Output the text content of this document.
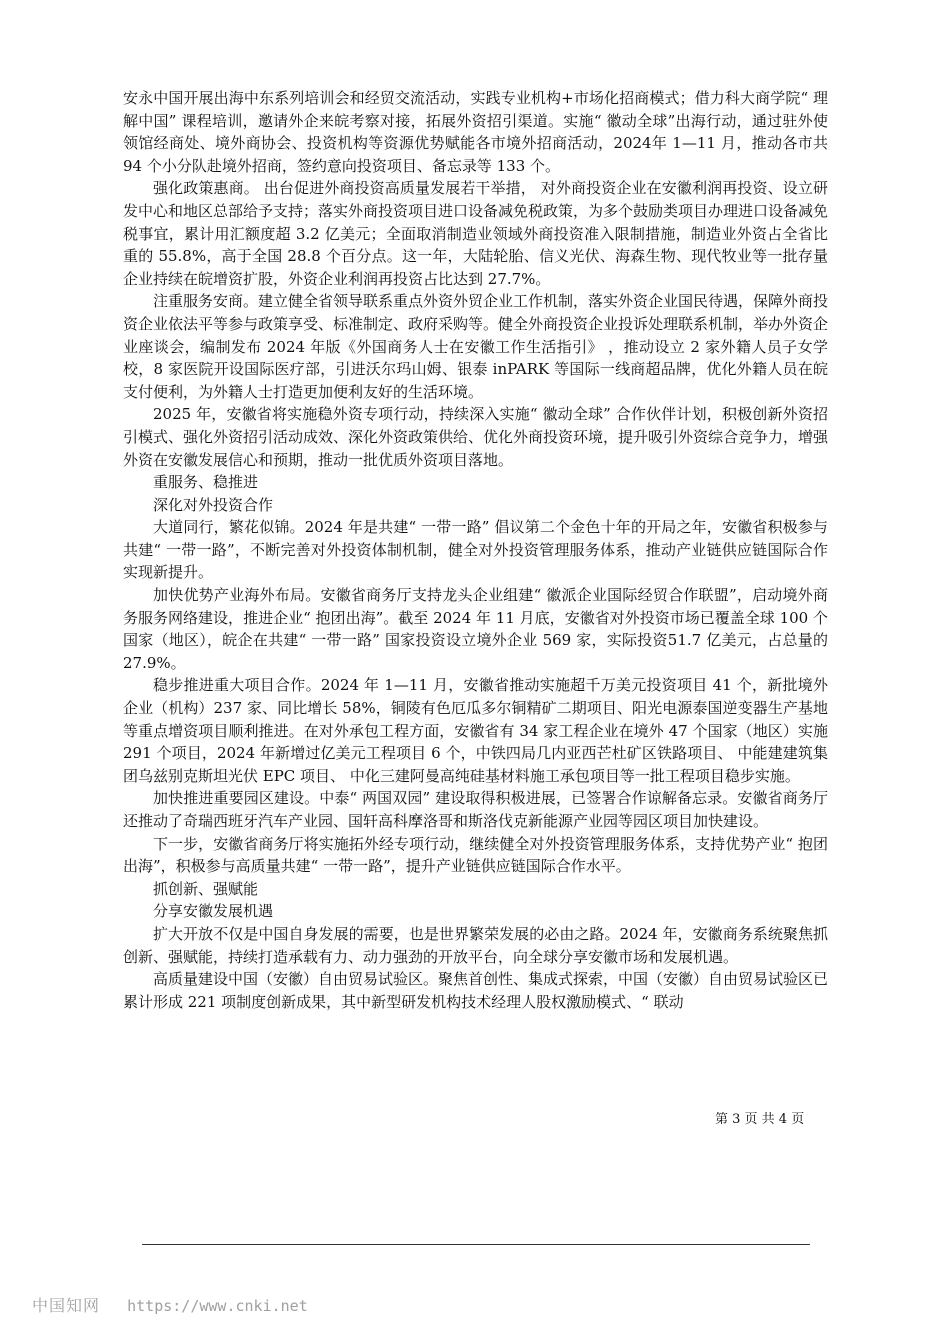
安永中国开展出海中东系列培训会和经贸交流活动，实践专业机构+市场化招商模式；借力科大商学院“ 理解中国” 课程培训，邀请外企来皖考察对接，拓展外资招引渠道。实施“ 徽动全球”出海行动，通过驻外使领馆经商处、境外商协会、投资机构等资源优势赋能各市境外招商活动，2024年 1—11 月，推动各市共 94 个小分队赴境外招商，签约意向投资项目、备忘录等 133 个。

强化政策惠商。 出台促进外商投资高质量发展若干举措， 对外商投资企业在安徽利润再投资、设立研发中心和地区总部给予支持；落实外商投资项目进口设备减免税政策，为多个鼓励类项目办理进口设备减免税事宜，累计用汇额度超 3.2 亿美元；全面取消制造业领域外商投资准入限制措施，制造业外资占全省比重的 55.8%，高于全国 28.8 个百分点。这一年，大陆轮胎、信义光伏、海森生物、现代牧业等一批存量企业持续在皖增资扩股，外资企业利润再投资占比达到 27.7%。

注重服务安商。建立健全省领导联系重点外资外贸企业工作机制，落实外资企业国民待遇，保障外商投资企业依法平等参与政策享受、标准制定、政府采购等。健全外商投资企业投诉处理联系机制，举办外资企业座谈会，编制发布 2024 年版《外国商务人士在安徽工作生活指引》 ，推动设立 2 家外籍人员子女学校，8 家医院开设国际医疗部，引进沃尔玛山姆、银泰 inPARK 等国际一线商超品牌，优化外籍人员在皖支付便利，为外籍人士打造更加便利友好的生活环境。

2025 年，安徽省将实施稳外资专项行动，持续深入实施“ 徽动全球” 合作伙伴计划，积极创新外资招引模式、强化外资招引活动成效、深化外资政策供给、优化外商投资环境，提升吸引外资综合竞争力，增强外资在安徽发展信心和预期，推动一批优质外资项目落地。

重服务、稳推进

深化对外投资合作

大道同行，繁花似锦。2024 年是共建“ 一带一路” 倡议第二个金色十年的开局之年，安徽省积极参与共建“ 一带一路”，不断完善对外投资体制机制，健全对外投资管理服务体系，推动产业链供应链国际合作实现新提升。

加快优势产业海外布局。安徽省商务厅支持龙头企业组建“ 徽派企业国际经贸合作联盟”，启动境外商务服务网络建设，推进企业“ 抱团出海”。截至 2024 年 11 月底，安徽省对外投资市场已覆盖全球 100 个国家（地区），皖企在共建“ 一带一路” 国家投资设立境外企业 569 家，实际投资51.7 亿美元，占总量的 27.9%。

稳步推进重大项目合作。2024 年 1—11 月，安徽省推动实施超千万美元投资项目 41 个，新批境外企业（机构）237 家、同比增长 58%，铜陵有色厄瓜多尔铜精矿二期项目、阳光电源泰国逆变器生产基地等重点增资项目顺利推进。在对外承包工程方面，安徽省有 34 家工程企业在境外 47 个国家（地区）实施 291 个项目，2024 年新增过亿美元工程项目 6 个，中铁四局几内亚西芒杜矿区铁路项目、 中能建建筑集团乌兹别克斯坦光伏 EPC 项目、 中化三建阿曼高纯硅基材料施工承包项目等一批工程项目稳步实施。

加快推进重要园区建设。中泰“ 两国双园” 建设取得积极进展，已签署合作谅解备忘录。安徽省商务厅还推动了奇瑞西班牙汽车产业园、国轩高科摩洛哥和斯洛伐克新能源产业园等园区项目加快建设。

下一步，安徽省商务厅将实施拓外经专项行动，继续健全对外投资管理服务体系，支持优势产业“ 抱团出海”，积极参与高质量共建“ 一带一路”，提升产业链供应链国际合作水平。

抓创新、强赋能

分享安徽发展机遇

扩大开放不仅是中国自身发展的需要，也是世界繁荣发展的必由之路。2024 年，安徽商务系统聚焦抓创新、强赋能，持续打造承载有力、动力强劲的开放平台，向全球分享安徽市场和发展机遇。

高质量建设中国（安徽）自由贸易试验区。聚焦首创性、集成式探索，中国（安徽）自由贸易试验区已累计形成 221 项制度创新成果，其中新型研发机构技术经理人股权激励模式、“ 联动

第 3 页 共 4 页
中国知网 https://www.cnki.net
